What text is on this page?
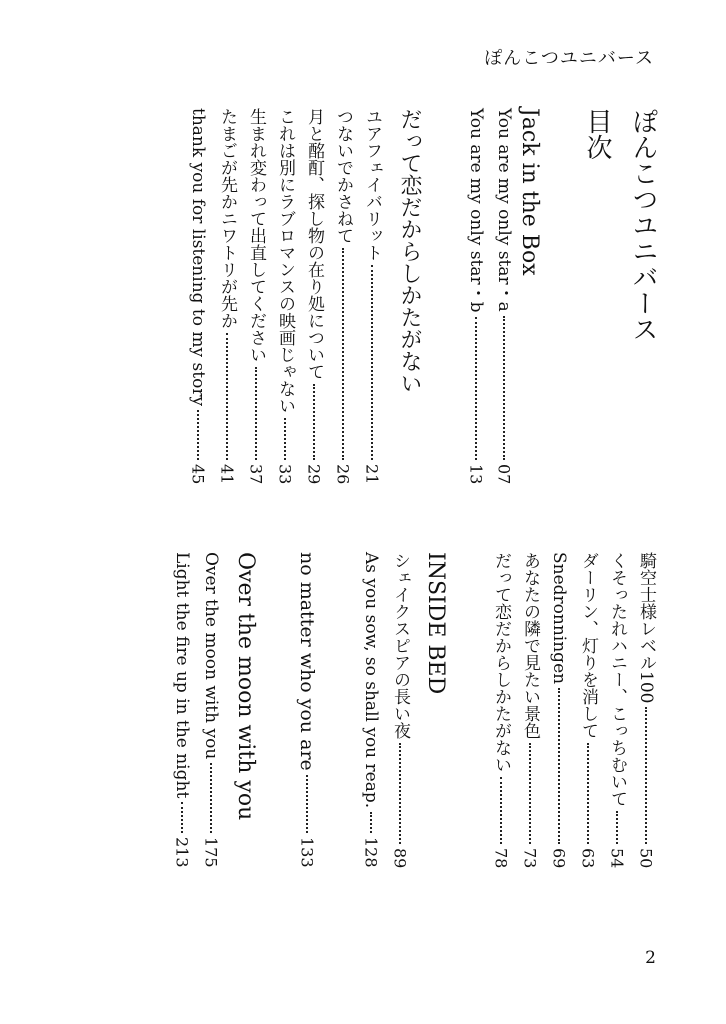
ぽんこつユニバース
ぽんこつユニバース
目次
Jack in the Box
You are my only star・a
07
You are my only star・b
13
だって恋だからしかたがない
ユアフェイバリット
21
つないでかさねて
26
月と酩酊、探し物の在り処について
29
これは別にラブロマンスの映画じゃない
33
生まれ変わって出直してください
37
たまごが先かニワトリが先か
41
thank you for listening to my story
45
騎空士様レベル100
50
くそったれハニー、こっちむいて
54
ダーリン、灯りを消して
63
Snedronningen
69
あなたの隣で見たい景色
73
だって恋だからしかたがない
78
INSIDE BED
シェイクスピアの長い夜
89
As you sow, so shall you reap.
128
no matter who you are
133
Over the moon with you
Over the moon with you
175
Light the fire up in the night
213
2
